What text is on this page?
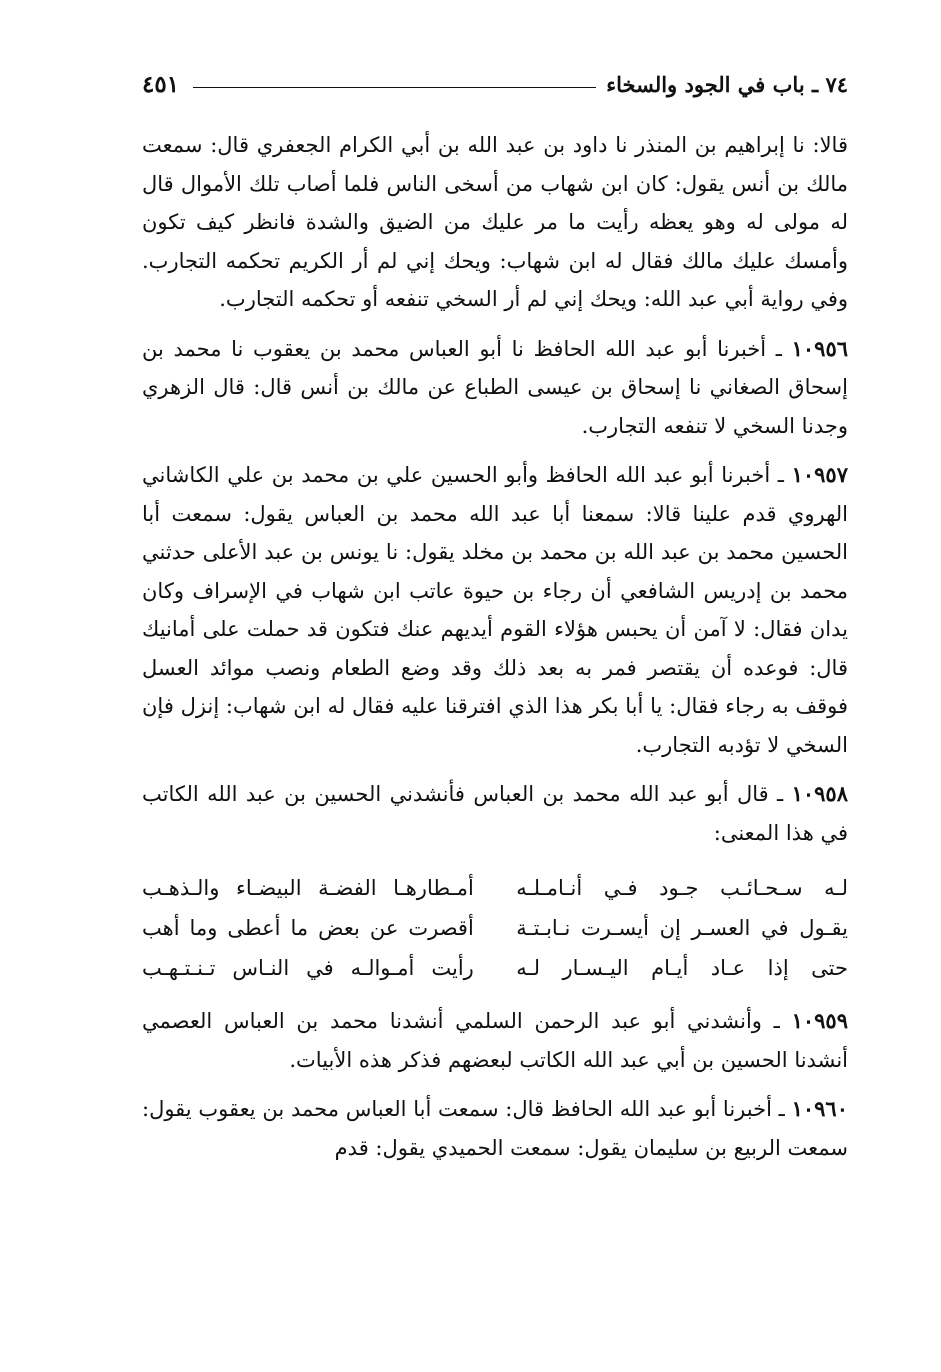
٧٤ ـ باب في الجود والسخاء
٤٥١

قالا: نا إبراهيم بن المنذر نا داود بن عبد الله بن أبي الكرام الجعفري قال: سمعت مالك بن أنس يقول: كان ابن شهاب من أسخى الناس فلما أصاب تلك الأموال قال له مولى له وهو يعظه رأيت ما مر عليك من الضيق والشدة فانظر كيف تكون وأمسك عليك مالك فقال له ابن شهاب: ويحك إني لم أر الكريم تحكمه التجارب. وفي رواية أبي عبد الله: ويحك إني لم أر السخي تنفعه أو تحكمه التجارب.

١٠٩٥٦ ـ أخبرنا أبو عبد الله الحافظ نا أبو العباس محمد بن يعقوب نا محمد بن إسحاق الصغاني نا إسحاق بن عيسى الطباع عن مالك بن أنس قال: قال الزهري وجدنا السخي لا تنفعه التجارب.

١٠٩٥٧ ـ أخبرنا أبو عبد الله الحافظ وأبو الحسين علي بن محمد بن علي الكاشاني الهروي قدم علينا قالا: سمعنا أبا عبد الله محمد بن العباس يقول: سمعت أبا الحسين محمد بن عبد الله بن محمد بن مخلد يقول: نا يونس بن عبد الأعلى حدثني محمد بن إدريس الشافعي أن رجاء بن حيوة عاتب ابن شهاب في الإسراف وكان يدان فقال: لا آمن أن يحبس هؤلاء القوم أيديهم عنك فتكون قد حملت على أمانيك قال: فوعده أن يقتصر فمر به بعد ذلك وقد وضع الطعام ونصب موائد العسل فوقف به رجاء فقال: يا أبا بكر هذا الذي افترقنا عليه فقال له ابن شهاب: إنزل فإن السخي لا تؤدبه التجارب.

١٠٩٥٨ ـ قال أبو عبد الله محمد بن العباس فأنشدني الحسين بن عبد الله الكاتب في هذا المعنى:

لـه سـحـائـب جـود فـي أنـامـلـه
أمـطارهـا الفضـة البيضـاء والـذهـب
يقـول في العسـر إن أيسـرت نـابـتـة
أقصرت عن بعض ما أعطى وما أهب
حتى إذا عـاد أيـام اليـسـار لـه
رأيت أمـوالـه في النـاس تـنـتـهـب

١٠٩٥٩ ـ وأنشدني أبو عبد الرحمن السلمي أنشدنا محمد بن العباس العصمي أنشدنا الحسين بن أبي عبد الله الكاتب لبعضهم فذكر هذه الأبيات.

١٠٩٦٠ ـ أخبرنا أبو عبد الله الحافظ قال: سمعت أبا العباس محمد بن يعقوب يقول: سمعت الربيع بن سليمان يقول: سمعت الحميدي يقول: قدم
